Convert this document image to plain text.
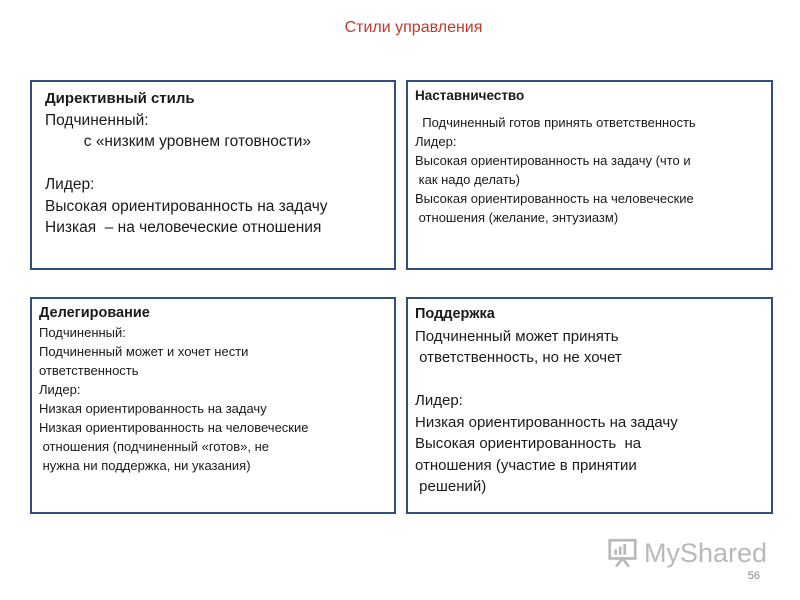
Стили управления
Директивный стиль
Подчиненный:
с «низким уровнем готовности»

Лидер:
Высокая ориентированность на задачу
Низкая  – на человеческие отношения
Наставничество
Подчиненный готов принять ответственность
Лидер:
Высокая ориентированность на задачу (что и
как надо делать)
Высокая ориентированность на человеческие
отношения (желание, энтузиазм)
Делегирование
Подчиненный:
Подчиненный может и хочет нести
ответственность
Лидер:
Низкая ориентированность на задачу
Низкая ориентированность на человеческие
отношения (подчиненный «готов», не
нужна ни поддержка, ни указания)
Поддержка
Подчиненный может принять
ответственность, но не хочет

Лидер:
Низкая ориентированность на задачу
Высокая ориентированность  на
отношения (участие в принятии
решений)
MyShared
56
